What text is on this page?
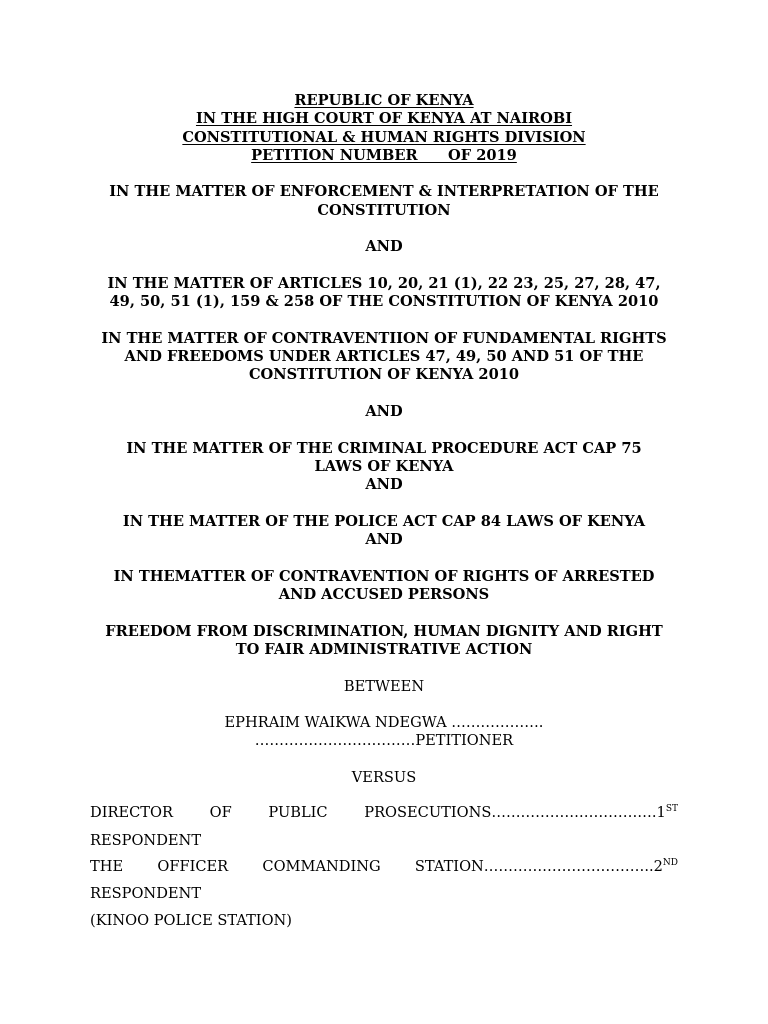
REPUBLIC OF KENYA
IN THE HIGH COURT OF KENYA AT NAIROBI
CONSTITUTIONAL & HUMAN RIGHTS DIVISION
PETITION NUMBER      OF 2019
IN THE MATTER OF ENFORCEMENT & INTERPRETATION OF THE
CONSTITUTION
AND
IN THE MATTER OF ARTICLES 10, 20, 21 (1), 22 23, 25, 27, 28, 47,
49, 50, 51 (1), 159 & 258 OF THE CONSTITUTION OF KENYA 2010
IN THE MATTER OF CONTRAVENTIION OF FUNDAMENTAL RIGHTS
AND FREEDOMS UNDER ARTICLES 47, 49, 50 AND 51 OF THE
CONSTITUTION OF KENYA 2010
AND
IN THE MATTER OF THE CRIMINAL PROCEDURE ACT CAP 75
LAWS OF KENYA
AND
IN THE MATTER OF THE POLICE ACT CAP 84 LAWS OF KENYA
AND
IN THEMATTER OF CONTRAVENTION OF RIGHTS OF ARRESTED
AND ACCUSED PERSONS
FREEDOM FROM DISCRIMINATION, HUMAN DIGNITY AND RIGHT
TO FAIR ADMINISTRATIVE ACTION
BETWEEN
EPHRAIM WAIKWA NDEGWA ……………….
……………………………PETITIONER
VERSUS
DIRECTOR	OF	PUBLIC	PROSECUTIONS…………………………….1ST
RESPONDENT
THE OFFICER COMMANDING STATION……………………………..2ND
RESPONDENT
(KINOO POLICE STATION)
